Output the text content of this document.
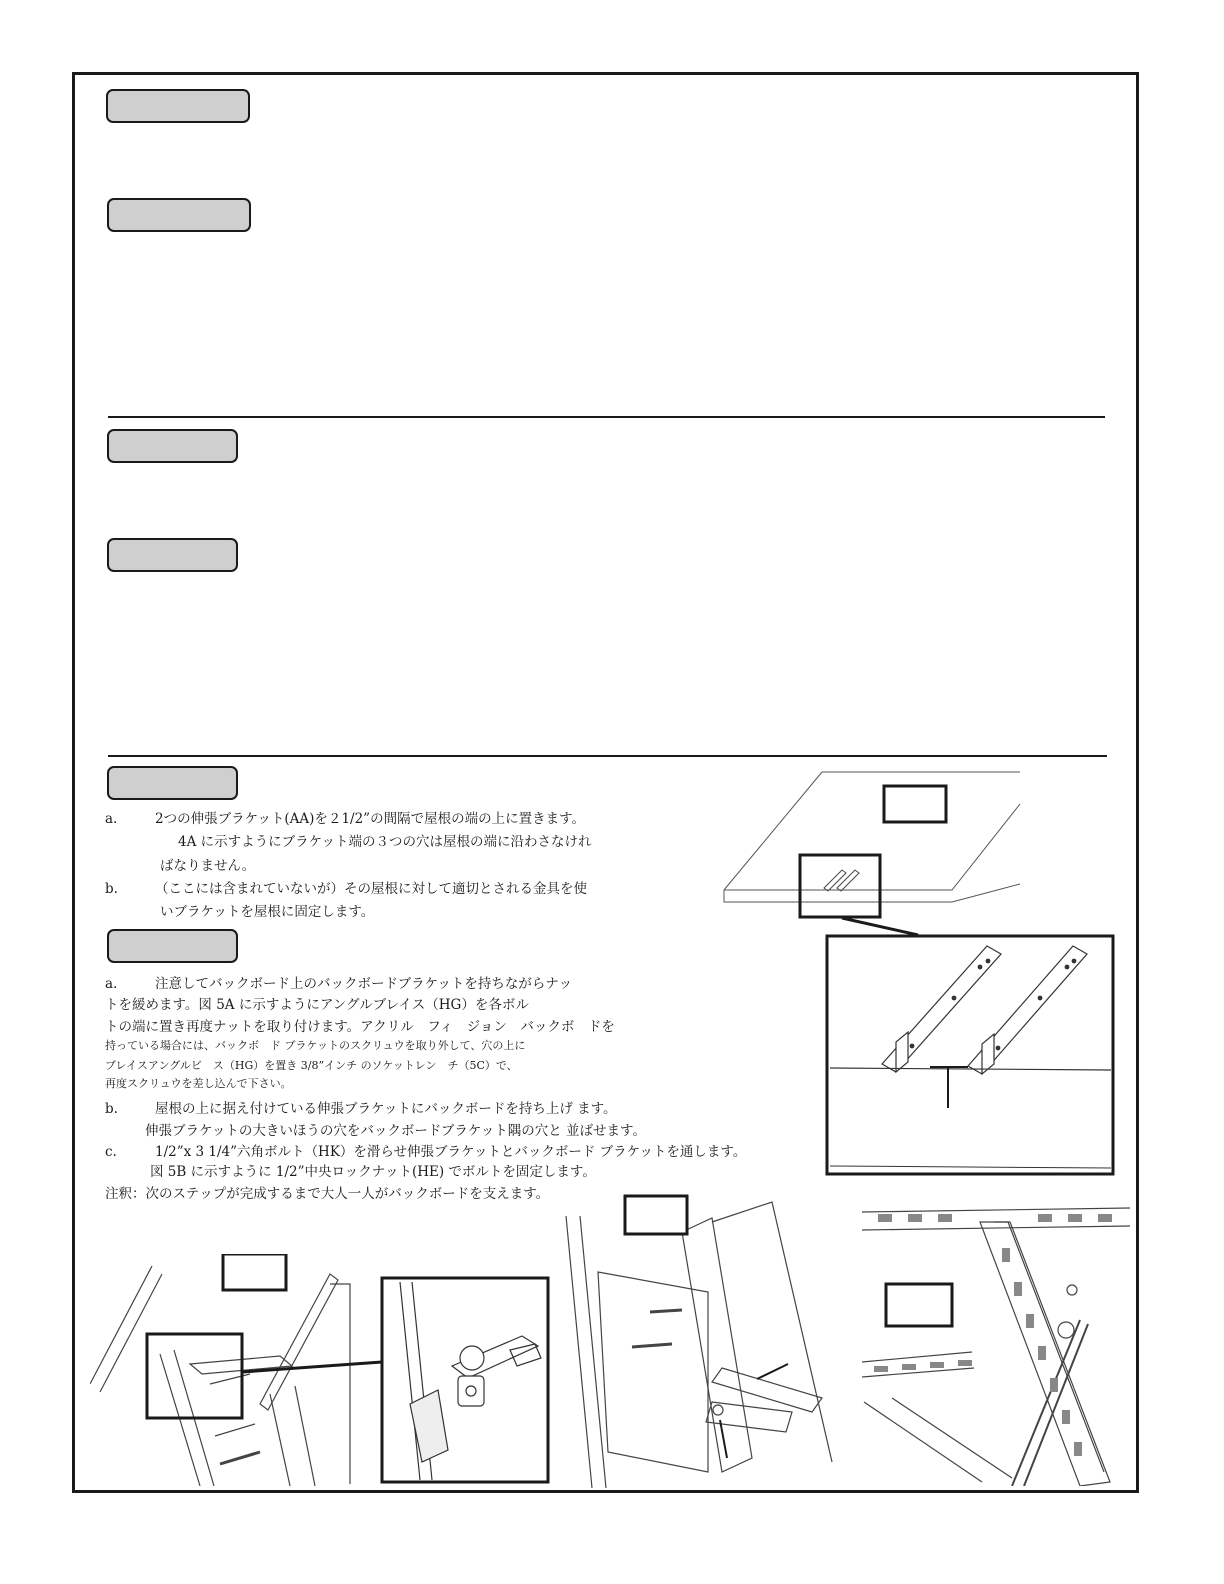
a.	2つの伸張ブラケット(AA)を２1/2”の間隔で屋根の端の上に置きます。
4A に示すようにブラケット端の３つの穴は屋根の端に沿わさなけれ
ばなりません。
b.	（ここには含まれていないが）その屋根に対して適切とされる金具を使
いブラケットを屋根に固定します。
a.	注意してバックボード上のバックボードブラケットを持ちながらナッ
トを緩めます。図 5A に示すようにアングルブレイス（HG）を各ボル
トの端に置き再度ナットを取り付けます。アクリル　フィ　ジョン　バックボ　ドを
持っている場合には、バックボ　ド ブラケットのスクリュウを取り外して、穴の上に
ブレイスアングルビ　ス（HG）を置き 3/8”インチ のソケットレン　チ（5C）で、
再度スクリュウを差し込んで下さい。
b.	屋根の上に据え付けている伸張ブラケットにバックボードを持ち上げ ます。
伸張ブラケットの大きいほうの穴をバックボードブラケット隅の穴と 並ばせます。
c.	1/2”x 3 1/4”六角ボルト（HK）を滑らせ伸張ブラケットとバックボード ブラケットを通します。
図 5B に示すように 1/2”中央ロックナット(HE) でボルトを固定します。
注釈：次のステップが完成するまで大人一人がバックボードを支えます。
